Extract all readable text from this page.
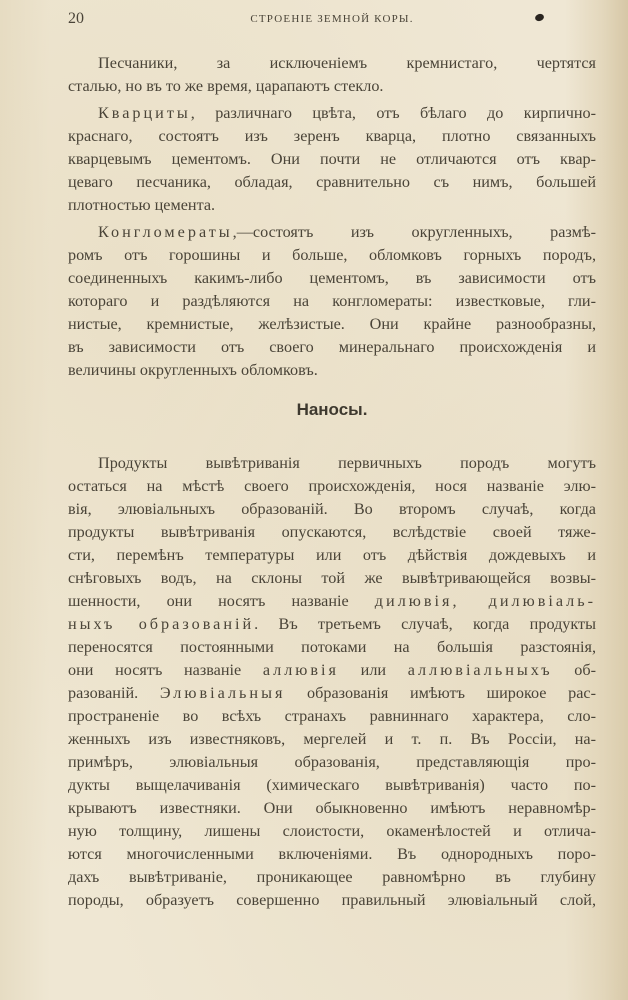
20	СТРОЕНІЕ ЗЕМНОЙ КОРЫ.
Песчаники, за исключеніемъ кремнистаго, чертятся
сталью, но въ то же время, царапаютъ стекло.
Кварциты, различнаго цвѣта, отъ бѣлаго до кирпично-
краснаго, состоятъ изъ зеренъ кварца, плотно связанныхъ
кварцевымъ цементомъ. Они почти не отличаются отъ квар-
цеваго песчаника, обладая, сравнительно съ нимъ, большей
плотностью цемента.
Конгломераты,—состоятъ изъ округленныхъ, размѣ-
ромъ отъ горошины и больше, обломковъ горныхъ породъ,
соединенныхъ какимъ-либо цементомъ, въ зависимости отъ
котораго и раздѣляются на конгломераты: известковые, гли-
нистые, кремнистые, желѣзистые. Они крайне разнообразны,
въ зависимости отъ своего минеральнаго происхожденія и
величины округленныхъ обломковъ.
Наносы.
Продукты вывѣтриванія первичныхъ породъ могутъ
остаться на мѣстѣ своего происхожденія, нося названіе элю-
вія, элювіальныхъ образованій. Во второмъ случаѣ, когда
продукты вывѣтриванія опускаются, вслѣдствіе своей тяже-
сти, перемѣнъ температуры или отъ дѣйствія дождевыхъ и
снѣговыхъ водъ, на склоны той же вывѣтривающейся возвы-
шенности, они носятъ названіе дилювія, дилювіаль-
ныхъ образованій. Въ третьемъ случаѣ, когда продукты
переносятся постоянными потоками на большія разстоянія,
они носятъ названіе аллювія или аллювіальныхъ об-
разованій. Элювіальныя образованія имѣютъ широкое рас-
пространеніе во всѣхъ странахъ равниннаго характера, сло-
женныхъ изъ известняковъ, мергелей и т. п. Въ Россіи, на-
примѣръ, элювіальныя образованія, представляющія про-
дукты выщелачиванія (химическаго вывѣтриванія) часто по-
крываютъ известняки. Они обыкновенно имѣютъ неравномѣр-
ную толщину, лишены слоистости, окаменѣлостей и отлича-
ются многочисленными включеніями. Въ однородныхъ поро-
дахъ вывѣтриваніе, проникающее равномѣрно въ глубину
породы, образуетъ совершенно правильный элювіальный слой,
